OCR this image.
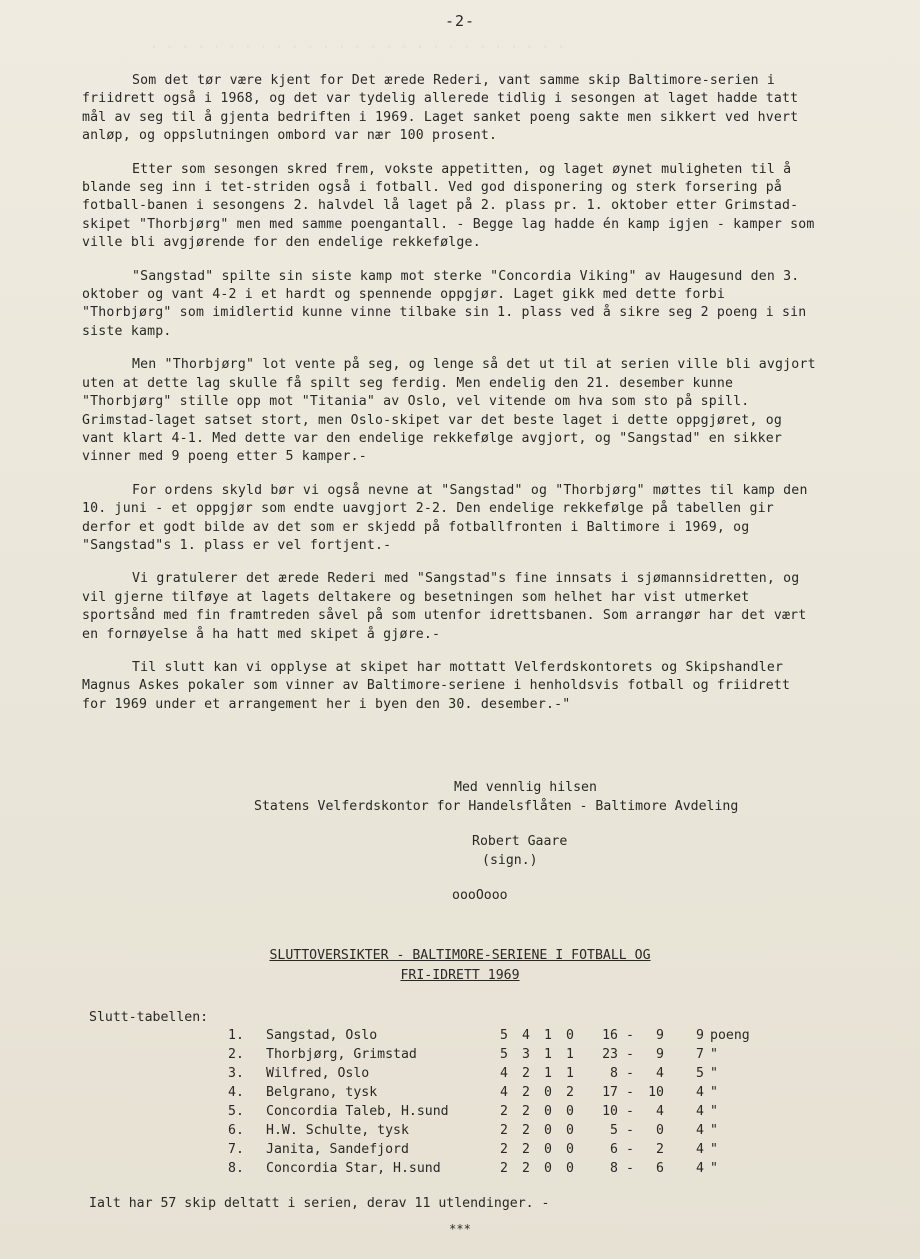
· · · · · · · · · · · · · · · · · · · · · · · · · · ·
-2-

Som det tør være kjent for Det ærede Rederi, vant samme skip Baltimore-serien i friidrett også i 1968, og det var tydelig allerede tidlig i sesongen at laget hadde tatt mål av seg til å gjenta bedriften i 1969. Laget sanket poeng sakte men sikkert ved hvert anløp, og oppslutningen ombord var nær 100 prosent.

Etter som sesongen skred frem, vokste appetitten, og laget øynet muligheten til å blande seg inn i tet-striden også i fotball. Ved god disponering og sterk forsering på fotball-banen i sesongens 2. halvdel lå laget på 2. plass pr. 1. oktober etter Grimstad-skipet "Thorbjørg" men med samme poengantall. - Begge lag hadde én kamp igjen - kamper som ville bli avgjørende for den endelige rekkefølge.

"Sangstad" spilte sin siste kamp mot sterke "Concordia Viking" av Haugesund den 3. oktober og vant 4-2 i et hardt og spennende oppgjør. Laget gikk med dette forbi "Thorbjørg" som imidlertid kunne vinne tilbake sin 1. plass ved å sikre seg 2 poeng i sin siste kamp.

Men "Thorbjørg" lot vente på seg, og lenge så det ut til at serien ville bli avgjort uten at dette lag skulle få spilt seg ferdig. Men endelig den 21. desember kunne "Thorbjørg" stille opp mot "Titania" av Oslo, vel vitende om hva som sto på spill. Grimstad-laget satset stort, men Oslo-skipet var det beste laget i dette oppgjøret, og vant klart 4-1. Med dette var den endelige rekkefølge avgjort, og "Sangstad" en sikker vinner med 9 poeng etter 5 kamper.-

For ordens skyld bør vi også nevne at "Sangstad" og "Thorbjørg" møttes til kamp den 10. juni - et oppgjør som endte uavgjort 2-2. Den endelige rekkefølge på tabellen gir derfor et godt bilde av det som er skjedd på fotballfronten i Baltimore i 1969, og "Sangstad"s 1. plass er vel fortjent.-

Vi gratulerer det ærede Rederi med "Sangstad"s fine innsats i sjømannsidretten, og vil gjerne tilføye at lagets deltakere og besetningen som helhet har vist utmerket sportsånd med fin framtreden såvel på som utenfor idrettsbanen. Som arrangør har det vært en fornøyelse å ha hatt med skipet å gjøre.-

Til slutt kan vi opplyse at skipet har mottatt Velferdskontorets og Skipshandler Magnus Askes pokaler som vinner av Baltimore-seriene i henholdsvis fotball og friidrett for 1969 under et arrangement her i byen den 30. desember.-"

Med vennlig hilsen
Statens Velferdskontor for Handelsflåten - Baltimore Avdeling
Robert Gaare
(sign.)
oooOooo
SLUTTOVERSIKTER - BALTIMORE-SERIENE I FOTBALL OG
FRI-IDRETT 1969
Slutt-tabellen:
1.	Sangstad, Oslo	5	4	1	0	16	-	9	9	poeng
2.	Thorbjørg, Grimstad	5	3	1	1	23	-	9	7	"
3.	Wilfred, Oslo	4	2	1	1	8	-	4	5	"
4.	Belgrano, tysk	4	2	0	2	17	-	10	4	"
5.	Concordia Taleb, H.sund	2	2	0	0	10	-	4	4	"
6.	H.W. Schulte, tysk	2	2	0	0	5	-	0	4	"
7.	Janita, Sandefjord	2	2	0	0	6	-	2	4	"
8.	Concordia Star, H.sund	2	2	0	0	8	-	6	4	"
Ialt har 57 skip deltatt i serien, derav 11 utlendinger. -
***
